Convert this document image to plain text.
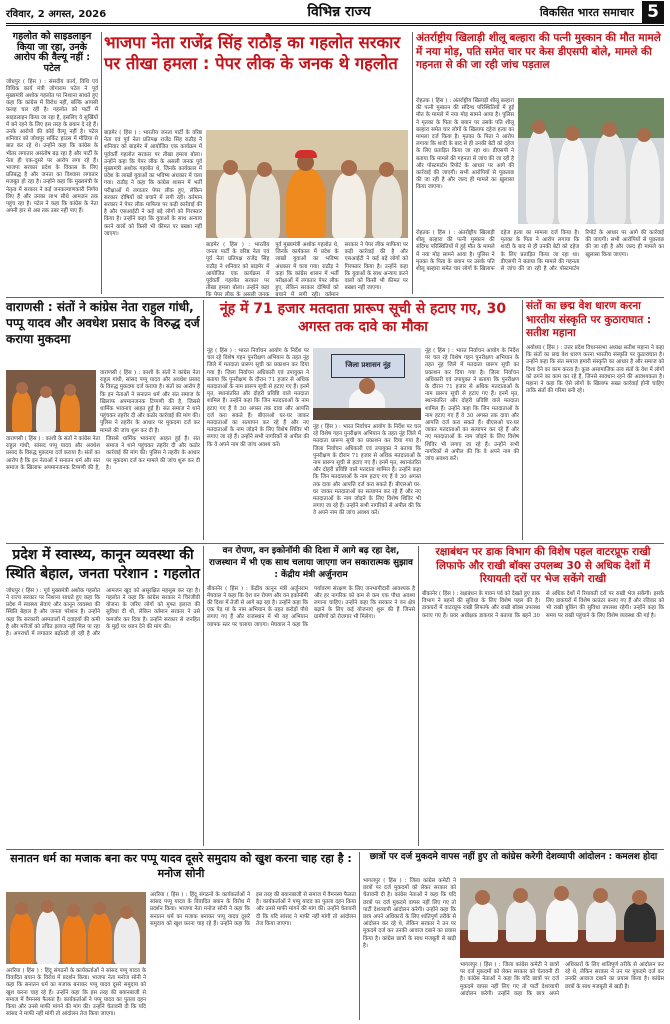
रविवार, 2 अगस्त, 2026	विभिन्न राज्य	विकसित भारत समाचार 5
गहलोत को साइडलाइन किया जा रहा, उनके आरोप की वैल्यू नहीं : पटेल
जोधपुर ( हिंस ) : संसदीय कार्य, विधि एवं विधिक कार्य मंत्री जोगाराम पटेल ने पूर्व मुख्यमंत्री अशोक गहलोत पर निशाना साधते हुए कहा कि कांग्रेस में विरोध नहीं, बल्कि आपसी कलह चल रही है। गहलोत को पार्टी में साइडलाइन किया जा रहा है, इसलिए वे सुर्खियों में बने रहने के लिए इस तरह के बयान दे रहे हैं। उनके आरोपों की कोई वैल्यू नहीं है। पटेल शनिवार को जोधपुर सर्किट हाउस में मीडिया से बात कर रहे थे। उन्होंने कहा कि कांग्रेस के भीतर लगातार असंतोष बढ़ रहा है और पार्टी के नेता ही एक-दूसरे पर आरोप लगा रहे हैं। भाजपा सरकार प्रदेश के विकास के लिए प्रतिबद्ध है और जनता का विश्वास लगातार मजबूत हो रहा है। उन्होंने कहा कि मुख्यमंत्री के नेतृत्व में सरकार ने कई जनकल्याणकारी निर्णय लिए हैं और उनका लाभ सीधे आमजन तक पहुंच रहा है। पटेल ने कहा कि कांग्रेस के नेता अपनी हार से अब तक उबर नहीं पाए हैं।
भाजपा नेता राजेंद्र सिंह राठौड़ का गहलोत सरकार पर तीखा हमला : पेपर लीक के जनक थे गहलोत
बाड़मेर ( हिंस ) : भारतीय जनता पार्टी के वरिष्ठ नेता एवं पूर्व नेता प्रतिपक्ष राजेंद्र सिंह राठौड़ ने शनिवार को बाड़मेर में आयोजित एक कार्यक्रम में पूर्ववर्ती गहलोत सरकार पर तीखा हमला बोला। उन्होंने कहा कि पेपर लीक के असली जनक पूर्व मुख्यमंत्री अशोक गहलोत थे, जिनके कार्यकाल में प्रदेश के लाखों युवाओं का भविष्य अंधकार में चला गया। राठौड़ ने कहा कि कांग्रेस शासन में भर्ती परीक्षाओं में लगातार पेपर लीक हुए, लेकिन सरकार दोषियों को बचाने में लगी रही। वर्तमान सरकार ने पेपर लीक माफिया पर कड़ी कार्रवाई की है और एसआईटी ने कई बड़े लोगों को गिरफ्तार किया है। उन्होंने कहा कि युवाओं के साथ अन्याय करने वालों को किसी भी कीमत पर बख्शा नहीं जाएगा।
बाड़मेर ( हिंस ) : भारतीय जनता पार्टी के वरिष्ठ नेता एवं पूर्व नेता प्रतिपक्ष राजेंद्र सिंह राठौड़ ने शनिवार को बाड़मेर में आयोजित एक कार्यक्रम में पूर्ववर्ती गहलोत सरकार पर तीखा हमला बोला। उन्होंने कहा कि पेपर लीक के असली जनक पूर्व मुख्यमंत्री अशोक गहलोत थे, जिनके कार्यकाल में प्रदेश के लाखों युवाओं का भविष्य अंधकार में चला गया। राठौड़ ने कहा कि कांग्रेस शासन में भर्ती परीक्षाओं में लगातार पेपर लीक हुए, लेकिन सरकार दोषियों को बचाने में लगी रही। वर्तमान सरकार ने पेपर लीक माफिया पर कड़ी कार्रवाई की है और एसआईटी ने कई बड़े लोगों को गिरफ्तार किया है। उन्होंने कहा कि युवाओं के साथ अन्याय करने वालों को किसी भी कीमत पर बख्शा नहीं जाएगा।
अंतर्राष्ट्रीय खिलाड़ी शीलू बल्हारा की पत्नी मुस्कान की मौत मामले में नया मोड़, पति समेत चार पर केस डीएसपी बोले, मामले की गहनता से की जा रही जांच पड़ताल
रोहतक ( हिंस ) : अंतर्राष्ट्रीय खिलाड़ी शीलू बल्हारा की पत्नी मुस्कान की संदिग्ध परिस्थितियों में हुई मौत के मामले में नया मोड़ सामने आया है। पुलिस ने मृतका के पिता के बयान पर उसके पति शीलू बल्हारा समेत चार लोगों के खिलाफ दहेज हत्या का मामला दर्ज किया है। मृतका के पिता ने आरोप लगाया कि शादी के बाद से ही उनकी बेटी को दहेज के लिए प्रताड़ित किया जा रहा था। डीएसपी ने बताया कि मामले की गहनता से जांच की जा रही है और पोस्टमार्टम रिपोर्ट के आधार पर आगे की कार्रवाई की जाएगी। सभी आरोपियों से पूछताछ की जा रही है और जल्द ही मामले का खुलासा किया जाएगा।
रोहतक ( हिंस ) : अंतर्राष्ट्रीय खिलाड़ी शीलू बल्हारा की पत्नी मुस्कान की संदिग्ध परिस्थितियों में हुई मौत के मामले में नया मोड़ सामने आया है। पुलिस ने मृतका के पिता के बयान पर उसके पति शीलू बल्हारा समेत चार लोगों के खिलाफ दहेज हत्या का मामला दर्ज किया है। मृतका के पिता ने आरोप लगाया कि शादी के बाद से ही उनकी बेटी को दहेज के लिए प्रताड़ित किया जा रहा था। डीएसपी ने बताया कि मामले की गहनता से जांच की जा रही है और पोस्टमार्टम रिपोर्ट के आधार पर आगे की कार्रवाई की जाएगी। सभी आरोपियों से पूछताछ की जा रही है और जल्द ही मामले का खुलासा किया जाएगा।
वाराणसी : संतों ने कांग्रेस नेता राहुल गांधी, पप्पू यादव और अवधेश प्रसाद के विरुद्ध दर्ज कराया मुकदमा
वाराणसी ( हिंस ) : काशी के संतों ने कांग्रेस नेता राहुल गांधी, सांसद पप्पू यादव और अवधेश प्रसाद के विरुद्ध मुकदमा दर्ज कराया है। संतों का आरोप है कि इन नेताओं ने सनातन धर्म और संत समाज के खिलाफ अपमानजनक टिप्पणी की है, जिससे धार्मिक भावनाएं आहत हुई हैं। संत समाज ने थाने पहुंचकर तहरीर दी और कठोर कार्रवाई की मांग की। पुलिस ने तहरीर के आधार पर मुकदमा दर्ज कर मामले की जांच शुरू कर दी है।
वाराणसी ( हिंस ) : काशी के संतों ने कांग्रेस नेता राहुल गांधी, सांसद पप्पू यादव और अवधेश प्रसाद के विरुद्ध मुकदमा दर्ज कराया है। संतों का आरोप है कि इन नेताओं ने सनातन धर्म और संत समाज के खिलाफ अपमानजनक टिप्पणी की है, जिससे धार्मिक भावनाएं आहत हुई हैं। संत समाज ने थाने पहुंचकर तहरीर दी और कठोर कार्रवाई की मांग की। पुलिस ने तहरीर के आधार पर मुकदमा दर्ज कर मामले की जांच शुरू कर दी है।
नूंह में 71 हजार मतदाता प्रारूप सूची से हटाए गए, 30 अगस्त तक दावे का मौका
नूंह ( हिंस ) : भारत निर्वाचन आयोग के निर्देश पर चल रहे विशेष गहन पुनरीक्षण अभियान के तहत नूंह जिले में मतदाता प्रारूप सूची का प्रकाशन कर दिया गया है। जिला निर्वाचन अधिकारी एवं उपायुक्त ने बताया कि पुनरीक्षण के दौरान 71 हजार से अधिक मतदाताओं के नाम प्रारूप सूची से हटाए गए हैं। इनमें मृत, स्थानांतरित और दोहरी प्रविष्टि वाले मतदाता शामिल हैं। उन्होंने कहा कि जिन मतदाताओं के नाम हटाए गए हैं वे 30 अगस्त तक दावा और आपत्ति दर्ज करा सकते हैं। बीएलओ घर-घर जाकर मतदाताओं का सत्यापन कर रहे हैं और नए मतदाताओं के नाम जोड़ने के लिए विशेष शिविर भी लगाए जा रहे हैं। उन्होंने सभी नागरिकों से अपील की कि वे अपने नाम की जांच अवश्य करें।
जिला प्रशासन नूंह
नूंह ( हिंस ) : भारत निर्वाचन आयोग के निर्देश पर चल रहे विशेष गहन पुनरीक्षण अभियान के तहत नूंह जिले में मतदाता प्रारूप सूची का प्रकाशन कर दिया गया है। जिला निर्वाचन अधिकारी एवं उपायुक्त ने बताया कि पुनरीक्षण के दौरान 71 हजार से अधिक मतदाताओं के नाम प्रारूप सूची से हटाए गए हैं। इनमें मृत, स्थानांतरित और दोहरी प्रविष्टि वाले मतदाता शामिल हैं। उन्होंने कहा कि जिन मतदाताओं के नाम हटाए गए हैं वे 30 अगस्त तक दावा और आपत्ति दर्ज करा सकते हैं। बीएलओ घर-घर जाकर मतदाताओं का सत्यापन कर रहे हैं और नए मतदाताओं के नाम जोड़ने के लिए विशेष शिविर भी लगाए जा रहे हैं। उन्होंने सभी नागरिकों से अपील की कि वे अपने नाम की जांच अवश्य करें।
नूंह ( हिंस ) : भारत निर्वाचन आयोग के निर्देश पर चल रहे विशेष गहन पुनरीक्षण अभियान के तहत नूंह जिले में मतदाता प्रारूप सूची का प्रकाशन कर दिया गया है। जिला निर्वाचन अधिकारी एवं उपायुक्त ने बताया कि पुनरीक्षण के दौरान 71 हजार से अधिक मतदाताओं के नाम प्रारूप सूची से हटाए गए हैं। इनमें मृत, स्थानांतरित और दोहरी प्रविष्टि वाले मतदाता शामिल हैं। उन्होंने कहा कि जिन मतदाताओं के नाम हटाए गए हैं वे 30 अगस्त तक दावा और आपत्ति दर्ज करा सकते हैं। बीएलओ घर-घर जाकर मतदाताओं का सत्यापन कर रहे हैं और नए मतदाताओं के नाम जोड़ने के लिए विशेष शिविर भी लगाए जा रहे हैं। उन्होंने सभी नागरिकों से अपील की कि वे अपने नाम की जांच अवश्य करें।
संतों का छद्म वेश धारण करना भारतीय संस्कृति पर कुठाराघात : सतीश महाना
अयोध्या ( हिंस ) : उत्तर प्रदेश विधानसभा अध्यक्ष सतीश महाना ने कहा कि संतों का छद्म वेश धारण करना भारतीय संस्कृति पर कुठाराघात है। उन्होंने कहा कि संत समाज हमारी संस्कृति का आधार है और समाज को दिशा देने का काम करता है। कुछ असामाजिक तत्व संतों के वेश में लोगों को ठगने का काम कर रहे हैं, जिनसे सावधान रहने की आवश्यकता है। महाना ने कहा कि ऐसे लोगों के खिलाफ सख्त कार्रवाई होनी चाहिए ताकि संतों की गरिमा बनी रहे।
प्रदेश में स्वास्थ्य, कानून व्यवस्था की स्थिति बेहाल, जनता परेशान : गहलोत
जोधपुर ( हिंस ) : पूर्व मुख्यमंत्री अशोक गहलोत ने राज्य सरकार पर निशाना साधते हुए कहा कि प्रदेश में स्वास्थ्य सेवाएं और कानून व्यवस्था की स्थिति बेहाल है और जनता परेशान है। उन्होंने कहा कि सरकारी अस्पतालों में दवाइयों की कमी है और मरीजों को उचित इलाज नहीं मिल पा रहा है। अपराधों में लगातार बढ़ोतरी हो रही है और आमजन खुद को असुरक्षित महसूस कर रहा है। गहलोत ने कहा कि कांग्रेस सरकार ने चिरंजीवी योजना के जरिए लोगों को मुफ्त इलाज की सुविधा दी थी, लेकिन वर्तमान सरकार ने उसे कमजोर कर दिया है। उन्होंने सरकार से जनहित के मुद्दों पर ध्यान देने की मांग की।
वन रोपण, वन इकोनॉमी की दिशा में आगे बढ़ रहा देश, राजस्थान में भी एक साथ चलाया जाएगा जन सकारात्मक सुझाव : केंद्रीय मंत्री अर्जुनराम
बीकानेर ( हिंस ) : केंद्रीय कानून मंत्री अर्जुनराम मेघवाल ने कहा कि देश वन रोपण और वन इकोनॉमी की दिशा में तेजी से आगे बढ़ रहा है। उन्होंने कहा कि एक पेड़ मां के नाम अभियान के तहत करोड़ों पौधे लगाए गए हैं और राजस्थान में भी यह अभियान व्यापक स्तर पर चलाया जाएगा। मेघवाल ने कहा कि पर्यावरण संरक्षण के लिए जनभागीदारी आवश्यक है और हर नागरिक को कम से कम एक पौधा अवश्य लगाना चाहिए। उन्होंने कहा कि सरकार ने वन क्षेत्र बढ़ाने के लिए कई योजनाएं शुरू की हैं जिनसे ग्रामीणों को रोजगार भी मिलेगा।
रक्षाबंधन पर डाक विभाग की विशेष पहल वाटरप्रूफ राखी लिफाफे और राखी बॉक्स उपलब्ध 30 से अधिक देशों में रियायती दरों पर भेज सकेंगे राखी
बीकानेर ( हिंस ) : रक्षाबंधन के पावन पर्व को देखते हुए डाक विभाग ने बहनों की सुविधा के लिए विशेष पहल की है। डाकघरों में वाटरप्रूफ राखी लिफाफे और राखी बॉक्स उपलब्ध कराए गए हैं। प्रवर अधीक्षक डाकघर ने बताया कि बहनें 30 से अधिक देशों में रियायती दरों पर राखी भेज सकेंगी। इसके लिए डाकघरों में विशेष काउंटर बनाए गए हैं और रविवार को भी राखी बुकिंग की सुविधा उपलब्ध रहेगी। उन्होंने कहा कि समय पर राखी पहुंचाने के लिए विशेष व्यवस्था की गई है।
सनातन धर्म का मजाक बना कर पप्पू यादव दूसरे समुदाय को खुश करना चाह रहा है : मनोज सोनी
अररिया ( हिंस ) : हिंदू संगठनों के कार्यकर्ताओं ने सांसद पप्पू यादव के विवादित बयान के विरोध में प्रदर्शन किया। भाजपा नेता मनोज सोनी ने कहा कि सनातन धर्म का मजाक बनाकर पप्पू यादव दूसरे समुदाय को खुश करना चाह रहे हैं। उन्होंने कहा कि इस तरह की बयानबाजी से समाज में वैमनस्य फैलता है। कार्यकर्ताओं ने पप्पू यादव का पुतला दहन किया और उनसे माफी मांगने की मांग की। उन्होंने चेतावनी दी कि यदि सांसद ने माफी नहीं मांगी तो आंदोलन तेज किया जाएगा।
अररिया ( हिंस ) : हिंदू संगठनों के कार्यकर्ताओं ने सांसद पप्पू यादव के विवादित बयान के विरोध में प्रदर्शन किया। भाजपा नेता मनोज सोनी ने कहा कि सनातन धर्म का मजाक बनाकर पप्पू यादव दूसरे समुदाय को खुश करना चाह रहे हैं। उन्होंने कहा कि इस तरह की बयानबाजी से समाज में वैमनस्य फैलता है। कार्यकर्ताओं ने पप्पू यादव का पुतला दहन किया और उनसे माफी मांगने की मांग की। उन्होंने चेतावनी दी कि यदि सांसद ने माफी नहीं मांगी तो आंदोलन तेज किया जाएगा।
छात्रों पर दर्ज मुकदमे वापस नहीं हुए तो कांग्रेस करेगी देशव्यापी आंदोलन : कमलश होदा
भागलपुर ( हिंस ) : जिला कांग्रेस कमेटी ने छात्रों पर दर्ज मुकदमों को लेकर सरकार को चेतावनी दी है। कांग्रेस नेताओं ने कहा कि यदि छात्रों पर दर्ज मुकदमे वापस नहीं लिए गए तो पार्टी देशव्यापी आंदोलन करेगी। उन्होंने कहा कि छात्र अपने अधिकारों के लिए शांतिपूर्ण तरीके से आंदोलन कर रहे थे, लेकिन सरकार ने उन पर मुकदमे दर्ज कर उनकी आवाज दबाने का प्रयास किया है। कांग्रेस छात्रों के साथ मजबूती से खड़ी है।
भागलपुर ( हिंस ) : जिला कांग्रेस कमेटी ने छात्रों पर दर्ज मुकदमों को लेकर सरकार को चेतावनी दी है। कांग्रेस नेताओं ने कहा कि यदि छात्रों पर दर्ज मुकदमे वापस नहीं लिए गए तो पार्टी देशव्यापी आंदोलन करेगी। उन्होंने कहा कि छात्र अपने अधिकारों के लिए शांतिपूर्ण तरीके से आंदोलन कर रहे थे, लेकिन सरकार ने उन पर मुकदमे दर्ज कर उनकी आवाज दबाने का प्रयास किया है। कांग्रेस छात्रों के साथ मजबूती से खड़ी है।
